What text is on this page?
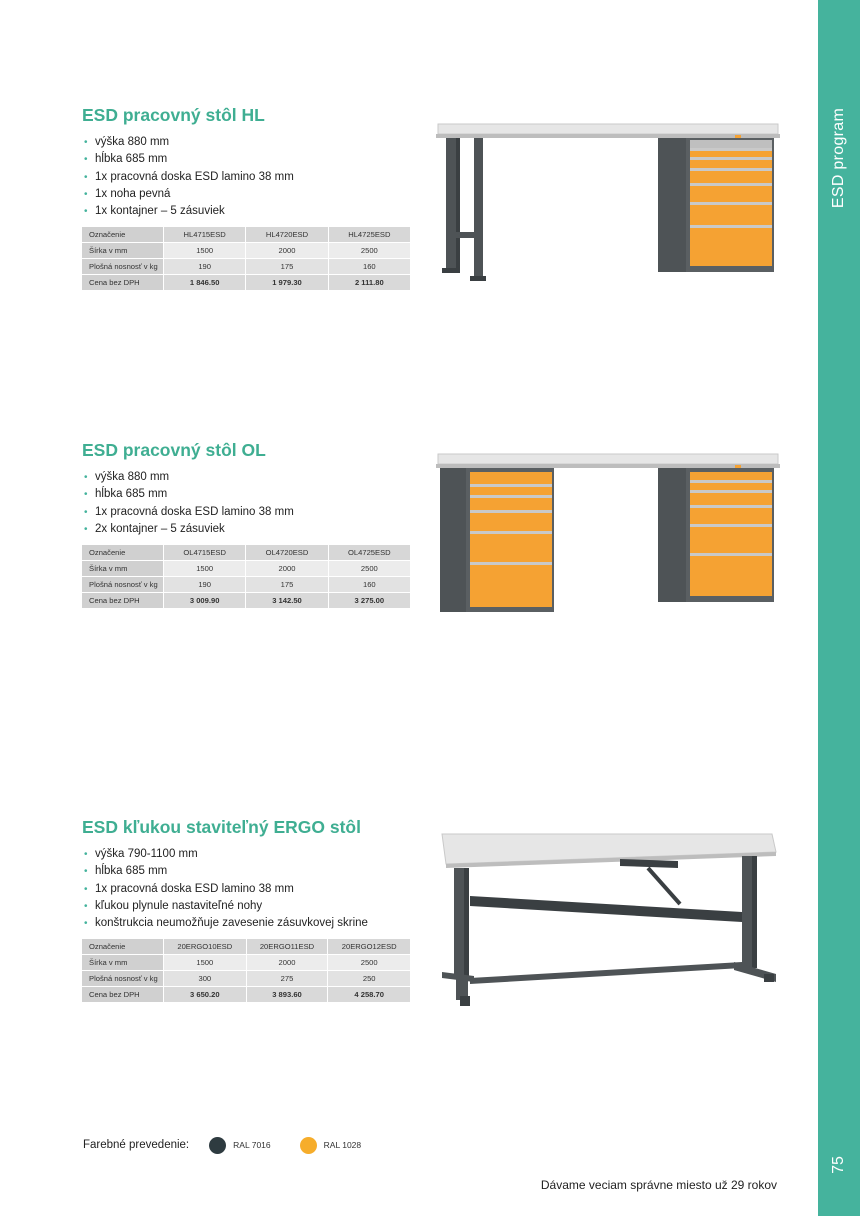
ESD program
75
ESD pracovný stôl HL
• výška 880 mm
• hĺbka 685 mm
• 1x pracovná doska ESD lamino 38 mm
• 1x noha pevná
• 1x kontajner – 5 zásuviek
Označenie	HL4715ESD	HL4720ESD	HL4725ESD
Šírka v mm	1500	2000	2500
Plošná nosnosť v kg	190	175	160
Cena bez DPH	1 846.50	1 979.30	2 111.80
ESD pracovný stôl OL
• výška 880 mm
• hĺbka 685 mm
• 1x pracovná doska ESD lamino 38 mm
• 2x kontajner – 5 zásuviek
Označenie	OL4715ESD	OL4720ESD	OL4725ESD
Šírka v mm	1500	2000	2500
Plošná nosnosť v kg	190	175	160
Cena bez DPH	3 009.90	3 142.50	3 275.00
ESD kľukou staviteľný ERGO stôl
• výška 790-1100 mm
• hĺbka 685 mm
• 1x pracovná doska ESD lamino 38 mm
• kľukou plynule nastaviteľné nohy
• konštrukcia neumožňuje zavesenie zásuvkovej skrine
Označenie	20ERGO10ESD	20ERGO11ESD	20ERGO12ESD
Šírka v mm	1500	2000	2500
Plošná nosnosť v kg	300	275	250
Cena bez DPH	3 650.20	3 893.60	4 258.70
Farebné prevedenie:	RAL 7016	RAL 1028
Dávame veciam správne miesto už 29 rokov
